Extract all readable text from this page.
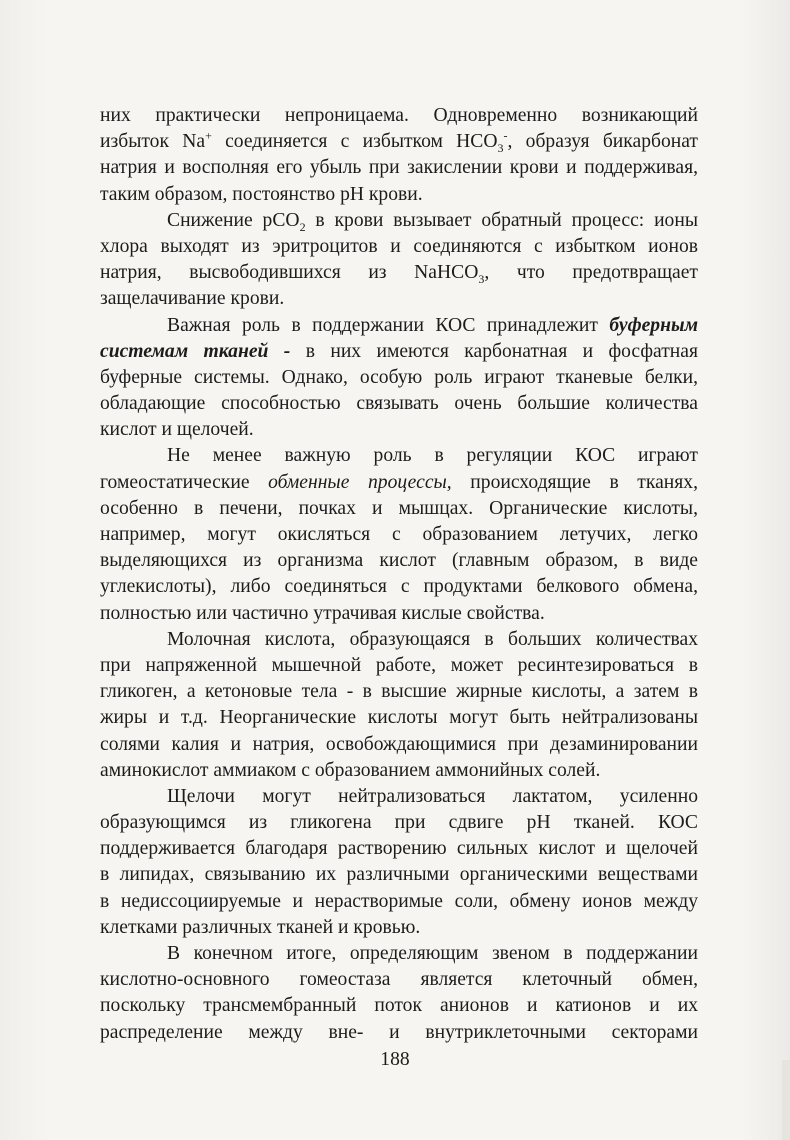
них практически непроницаема. Одновременно возникающий
избыток Na+ соединяется с избытком $HCO_3^-$, образуя бикарбонат
натрия и восполняя его убыль при закислении крови и поддерживая,
таким образом, постоянство pH крови.
Снижение pCO$_2$ в крови вызывает обратный процесс: ионы
хлора выходят из эритроцитов и соединяются с избытком ионов
натрия, высвободившихся из NaHCO$_3$, что предотвращает
защелачивание крови.
Важная роль в поддержании КОС принадлежит буферным
системам тканей - в них имеются карбонатная и фосфатная
буферные системы. Однако, особую роль играют тканевые белки,
обладающие способностью связывать очень большие количества
кислот и щелочей.
Не менее важную роль в регуляции КОС играют
гомеостатические обменные процессы, происходящие в тканях,
особенно в печени, почках и мышцах. Органические кислоты,
например, могут окисляться с образованием летучих, легко
выделяющихся из организма кислот (главным образом, в виде
углекислоты), либо соединяться с продуктами белкового обмена,
полностью или частично утрачивая кислые свойства.
Молочная кислота, образующаяся в больших количествах
при напряженной мышечной работе, может ресинтезироваться в
гликоген, а кетоновые тела - в высшие жирные кислоты, а затем в
жиры и т.д. Неорганические кислоты могут быть нейтрализованы
солями калия и натрия, освобождающимися при дезаминировании
аминокислот аммиаком с образованием аммонийных солей.
Щелочи могут нейтрализоваться лактатом, усиленно
образующимся из гликогена при сдвиге pH тканей. КОС
поддерживается благодаря растворению сильных кислот и щелочей
в липидах, связыванию их различными органическими веществами
в недиссоциируемые и нерастворимые соли, обмену ионов между
клетками различных тканей и кровью.
В конечном итоге, определяющим звеном в поддержании
кислотно-основного гомеостаза является клеточный обмен,
поскольку трансмембранный поток анионов и катионов и их
распределение между вне- и внутриклеточными секторами
188
